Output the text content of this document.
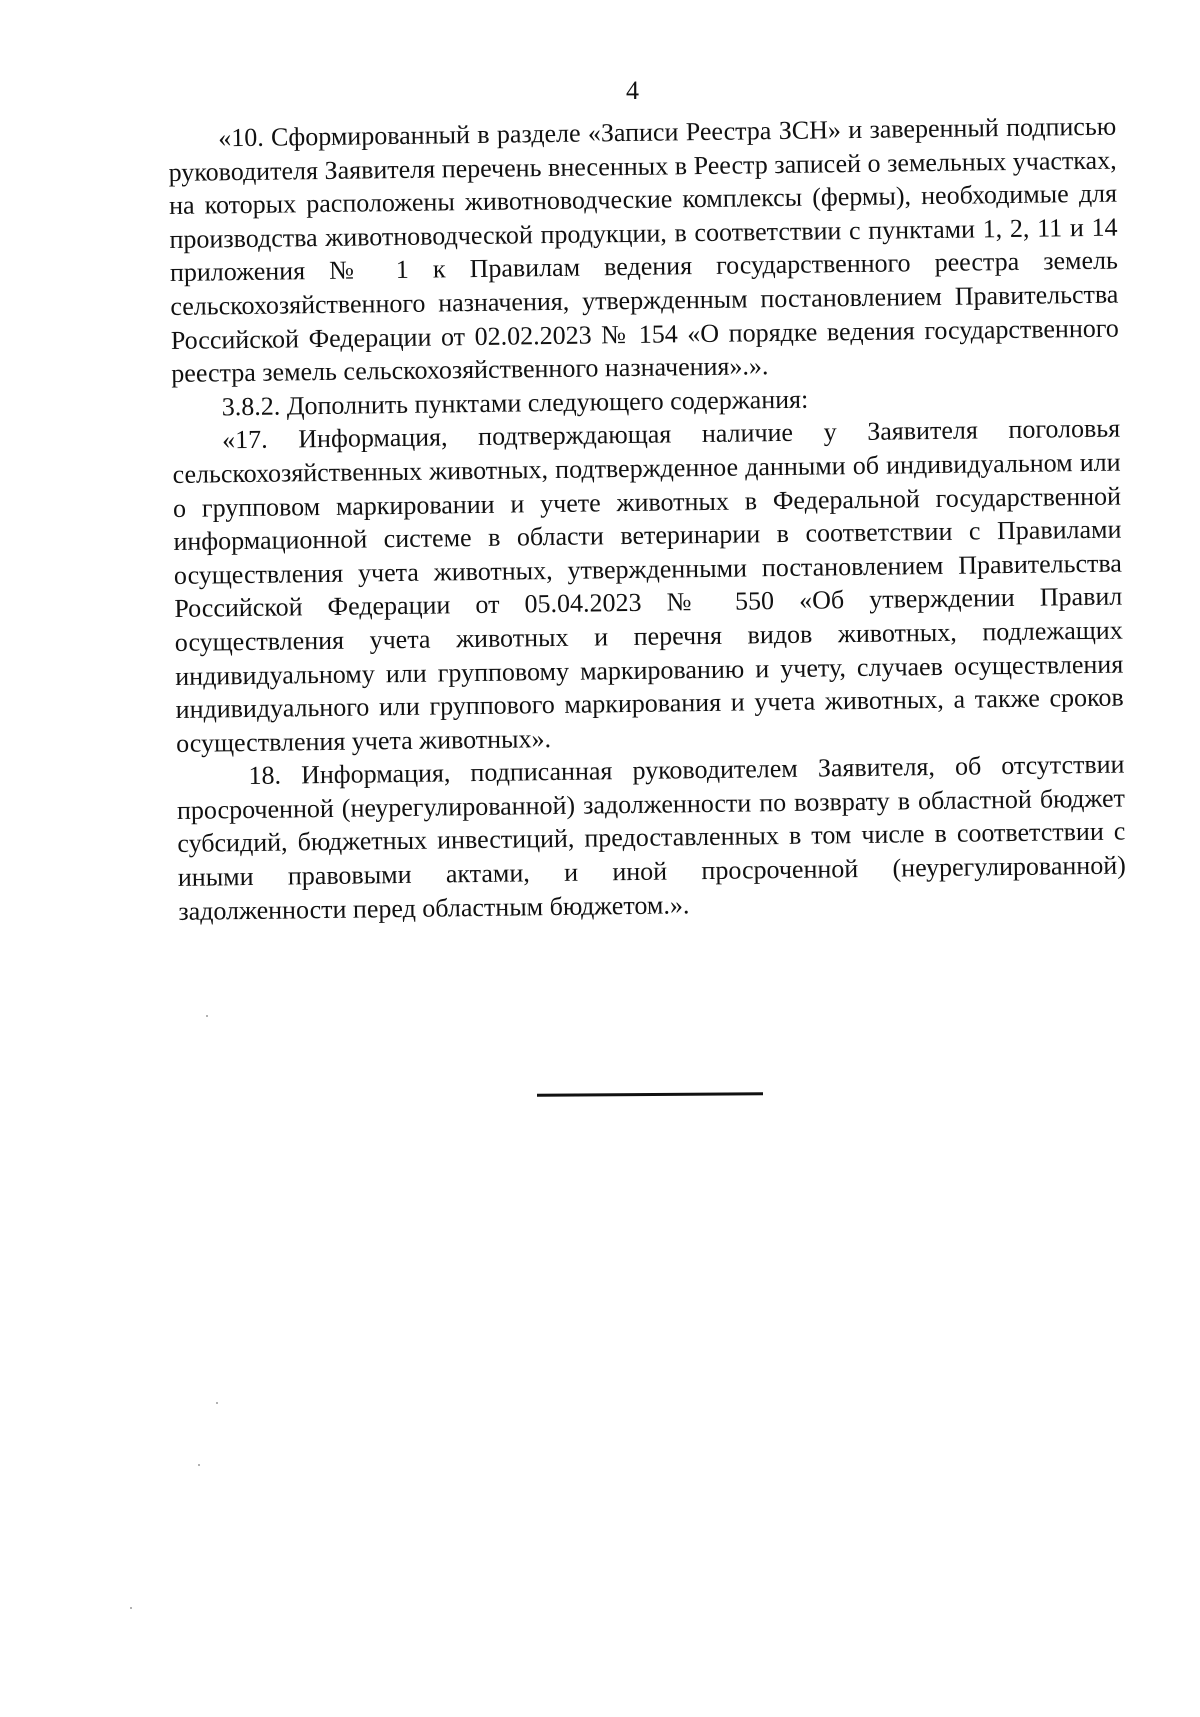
4

«10. Сформированный в разделе «Записи Реестра ЗСН» и заверенный подписью руководителя Заявителя перечень внесенных в Реестр записей о земельных участках, на которых расположены животноводческие комплексы (фермы), необходимые для производства животноводческой продукции, в соответствии с пунктами 1, 2, 11 и 14 приложения № 1 к Правилам ведения государственного реестра земель сельскохозяйственного назначения, утвержденным постановлением Правительства Российской Федерации от 02.02.2023 № 154 «О порядке ведения государственного реестра земель сельскохозяйственного назначения».».

3.8.2. Дополнить пунктами следующего содержания:

«17. Информация, подтверждающая наличие у Заявителя поголовья сельскохозяйственных животных, подтвержденное данными об индивидуальном или о групповом маркировании и учете животных в Федеральной государственной информационной системе в области ветеринарии в соответствии с Правилами осуществления учета животных, утвержденными постановлением Правительства Российской Федерации от 05.04.2023 № 550 «Об утверждении Правил осуществления учета животных и перечня видов животных, подлежащих индивидуальному или групповому маркированию и учету, случаев осуществления индивидуального или группового маркирования и учета животных, а также сроков осуществления учета животных».

18. Информация, подписанная руководителем Заявителя, об отсутствии просроченной (неурегулированной) задолженности по возврату в областной бюджет субсидий, бюджетных инвестиций, предоставленных в том числе в соответствии с иными правовыми актами, и иной просроченной (неурегулированной) задолженности перед областным бюджетом.».
